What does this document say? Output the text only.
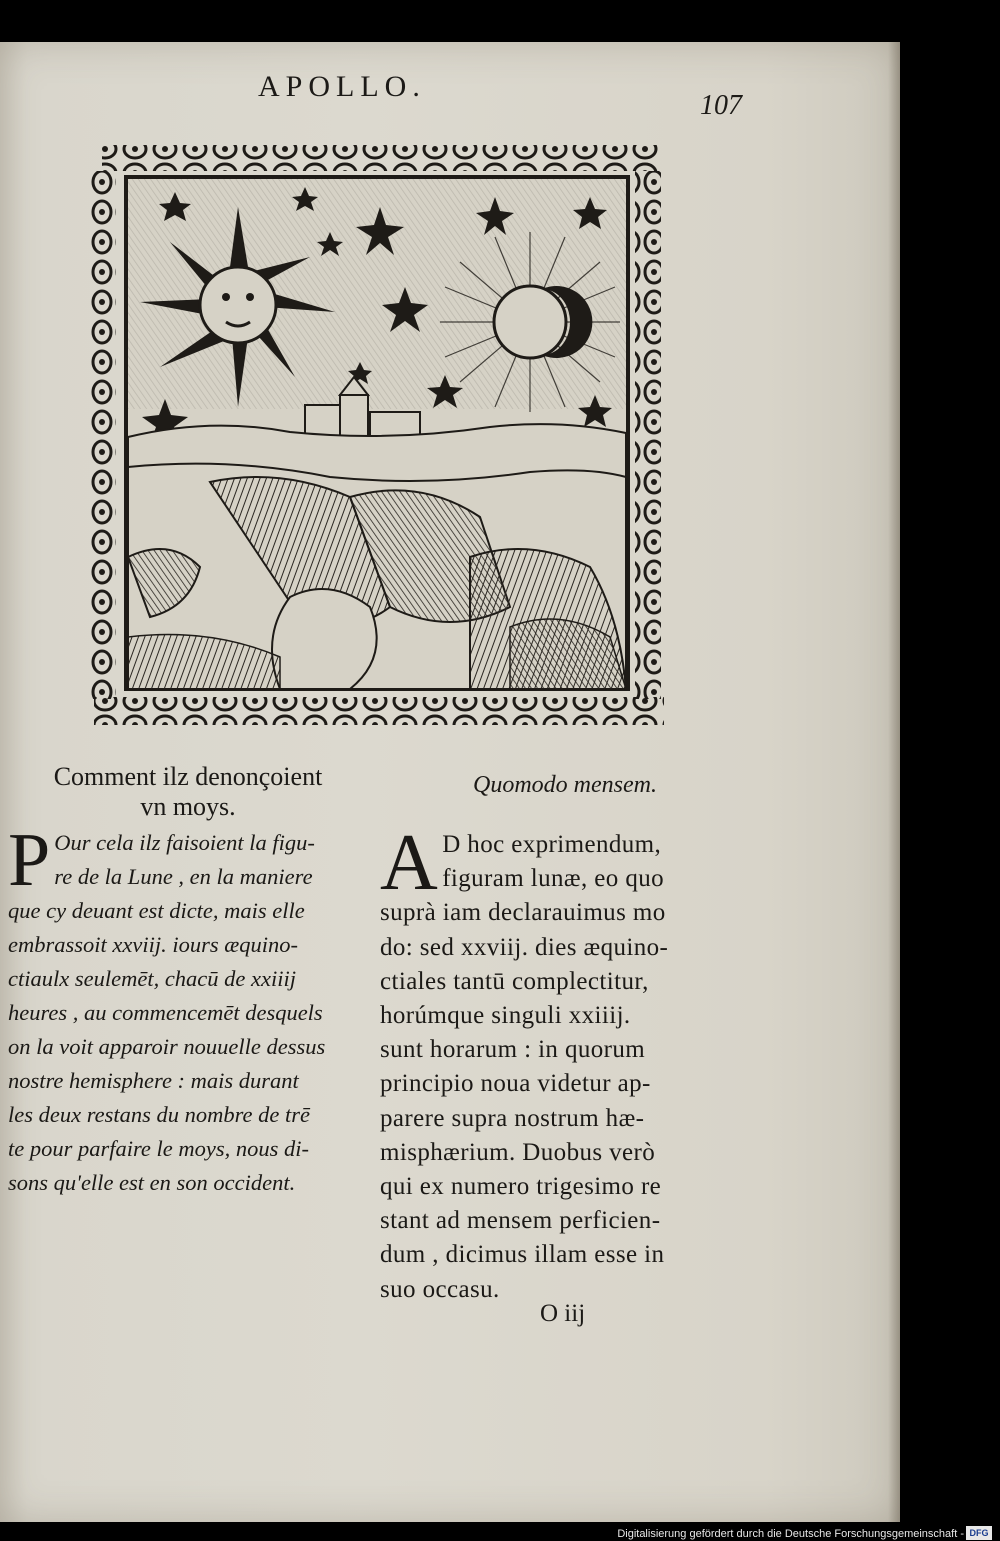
APOLLO.
107
Comment ilz denonçoient
vn moys.
Quomodo mensem.
P Our cela ilz faisoient la figu-
re de la Lune , en la maniere
que cy deuant est dicte, mais elle
embrassoit xxviij. iours æquino-
ctiaulx seulemēt, chacū de xxiiij
heures , au commencemēt desquels
on la voit apparoir nouuelle dessus
nostre hemisphere : mais durant
les deux restans du nombre de trē
te pour parfaire le moys, nous di-
sons qu'elle est en son occident.
A D hoc exprimendum,
figuram lunæ, eo quo
suprà iam declarauimus mo
do: sed xxviij. dies æquino-
ctiales tantū complectitur,
horúmque singuli xxiiij.
sunt horarum : in quorum
principio noua videtur ap-
parere supra nostrum hæ-
misphærium. Duobus verò
qui ex numero trigesimo re
stant ad mensem perficien-
dum , dicimus illam esse in
suo occasu.
O iij
Digitalisierung gefördert durch die Deutsche Forschungsgemeinschaft - DFG
